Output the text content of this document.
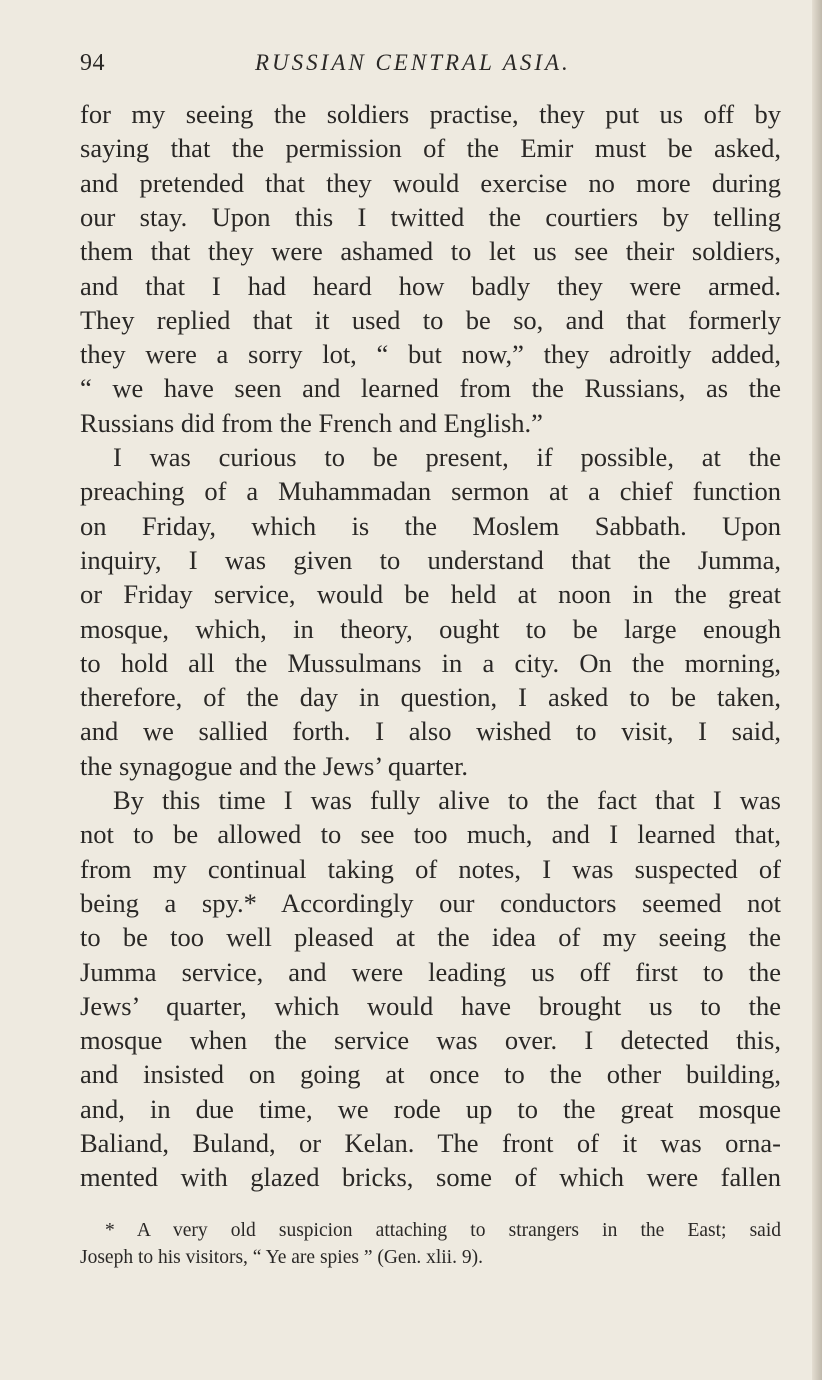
94	RUSSIAN CENTRAL ASIA.
for my seeing the soldiers practise, they put us off by
saying that the permission of the Emir must be asked,
and pretended that they would exercise no more during
our stay. Upon this I twitted the courtiers by telling
them that they were ashamed to let us see their soldiers,
and that I had heard how badly they were armed.
They replied that it used to be so, and that formerly
they were a sorry lot, “ but now,” they adroitly added,
“ we have seen and learned from the Russians, as the
Russians did from the French and English.”
I was curious to be present, if possible, at the
preaching of a Muhammadan sermon at a chief function
on Friday, which is the Moslem Sabbath. Upon
inquiry, I was given to understand that the Jumma,
or Friday service, would be held at noon in the great
mosque, which, in theory, ought to be large enough
to hold all the Mussulmans in a city. On the morning,
therefore, of the day in question, I asked to be taken,
and we sallied forth. I also wished to visit, I said,
the synagogue and the Jews’ quarter.
By this time I was fully alive to the fact that I was
not to be allowed to see too much, and I learned that,
from my continual taking of notes, I was suspected of
being a spy.* Accordingly our conductors seemed not
to be too well pleased at the idea of my seeing the
Jumma service, and were leading us off first to the
Jews’ quarter, which would have brought us to the
mosque when the service was over. I detected this,
and insisted on going at once to the other building,
and, in due time, we rode up to the great mosque
Baliand, Buland, or Kelan. The front of it was orna-
mented with glazed bricks, some of which were fallen
* A very old suspicion attaching to strangers in the East; said
Joseph to his visitors, “ Ye are spies ” (Gen. xlii. 9).
